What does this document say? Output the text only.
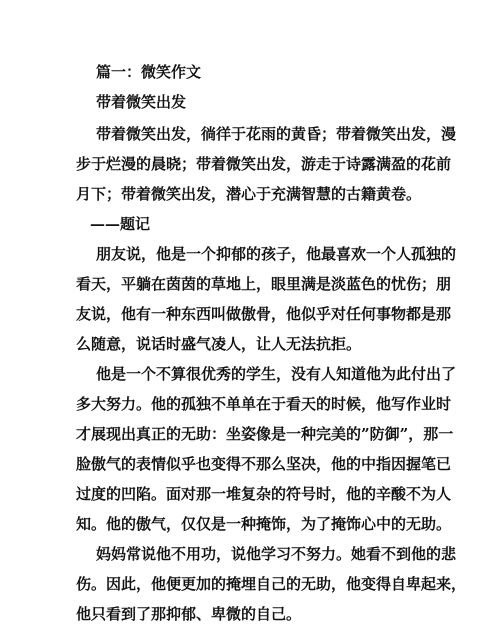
篇一：微笑作文
带着微笑出发
带着微笑出发，徜徉于花雨的黄昏；带着微笑出发，漫
步于烂漫的晨晓；带着微笑出发，游走于诗露满盈的花前
月下；带着微笑出发，潜心于充满智慧的古籍黄卷。
——题记
朋友说，他是一个抑郁的孩子，他最喜欢一个人孤独的
看天，平躺在茵茵的草地上，眼里满是淡蓝色的忧伤；朋
友说，他有一种东西叫做傲骨，他似乎对任何事物都是那
么随意，说话时盛气凌人，让人无法抗拒。
他是一个不算很优秀的学生，没有人知道他为此付出了
多大努力。他的孤独不单单在于看天的时候，他写作业时
才展现出真正的无助：坐姿像是一种完美的”防御”，那一
脸傲气的表情似乎也变得不那么坚决，他的中指因握笔已
过度的凹陷。面对那一堆复杂的符号时，他的辛酸不为人
知。他的傲气，仅仅是一种掩饰，为了掩饰心中的无助。
妈妈常说他不用功，说他学习不努力。她看不到他的悲
伤。因此，他便更加的掩埋自己的无助，他变得自卑起来，
他只看到了那抑郁、卑微的自己。
